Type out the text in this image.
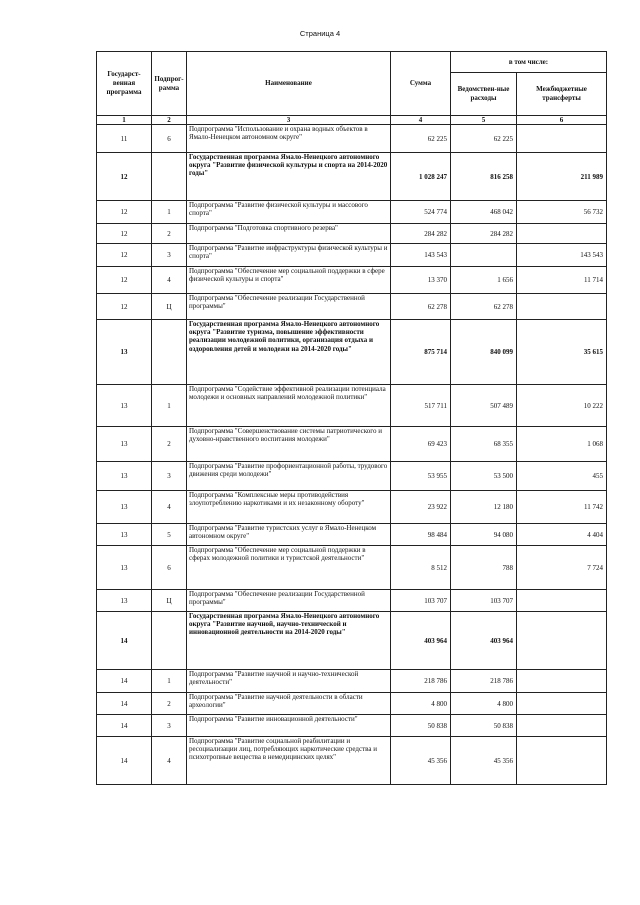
Страница 4
Государст-венная программа	Подпрог-рамма	Наименование	Сумма	в том числе:	
				Ведомствен-ные расходы	Межбюджетные трансферты
1	2	3	4	5	6
11	6	Подпрограмма "Использование и охрана водных объектов в Ямало-Ненецком автономном округе"	62 225	62 225	
12		Государственная программа Ямало-Ненецкого автономного округа "Развитие физической культуры и спорта на 2014-2020 годы"	1 028 247	816 258	211 989
12	1	Подпрограмма "Развитие физической культуры и массового спорта"	524 774	468 042	56 732
12	2	Подпрограмма "Подготовка спортивного резерва"	284 282	284 282	
12	3	Подпрограмма "Развитие инфраструктуры физической культуры и спорта"	143 543		143 543
12	4	Подпрограмма "Обеспечение мер социальной поддержки в сфере физической культуры и спорта"	13 370	1 656	11 714
12	Ц	Подпрограмма "Обеспечение реализации Государственной программы"	62 278	62 278	
13		Государственная программа Ямало-Ненецкого автономного округа "Развитие туризма, повышение эффективности реализации молодежной политики, организация отдыха и оздоровления детей и молодежи на 2014-2020 годы"	875 714	840 099	35 615
13	1	Подпрограмма "Содействие эффективной реализации потенциала молодежи и основных направлений молодежной политики"	517 711	507 489	10 222
13	2	Подпрограмма "Совершенствование системы патриотического и духовно-нравственного воспитания молодежи"	69 423	68 355	1 068
13	3	Подпрограмма "Развитие профориентационной работы, трудового движения среди молодежи"	53 955	53 500	455
13	4	Подпрограмма "Комплексные меры противодействия злоупотреблению наркотиками и их незаконному обороту"	23 922	12 180	11 742
13	5	Подпрограмма "Развитие туристских услуг в Ямало-Ненецком автономном округе"	98 484	94 080	4 404
13	6	Подпрограмма "Обеспечение мер социальной поддержки в сферах молодежной политики и туристской деятельности"	8 512	788	7 724
13	Ц	Подпрограмма "Обеспечение реализации Государственной программы"	103 707	103 707	
14		Государственная программа Ямало-Ненецкого автономного округа "Развитие научной, научно-технической и инновационной деятельности на 2014-2020 годы"	403 964	403 964	
14	1	Подпрограмма "Развитие научной и научно-технической деятельности"	218 786	218 786	
14	2	Подпрограмма "Развитие научной деятельности в области археологии"	4 800	4 800	
14	3	Подпрограмма "Развитие инновационной деятельности"	50 838	50 838	
14	4	Подпрограмма "Развитие социальной реабилитации и ресоциализации лиц, потребляющих наркотические средства и психотропные вещества в немедицинских целях"	45 356	45 356	
